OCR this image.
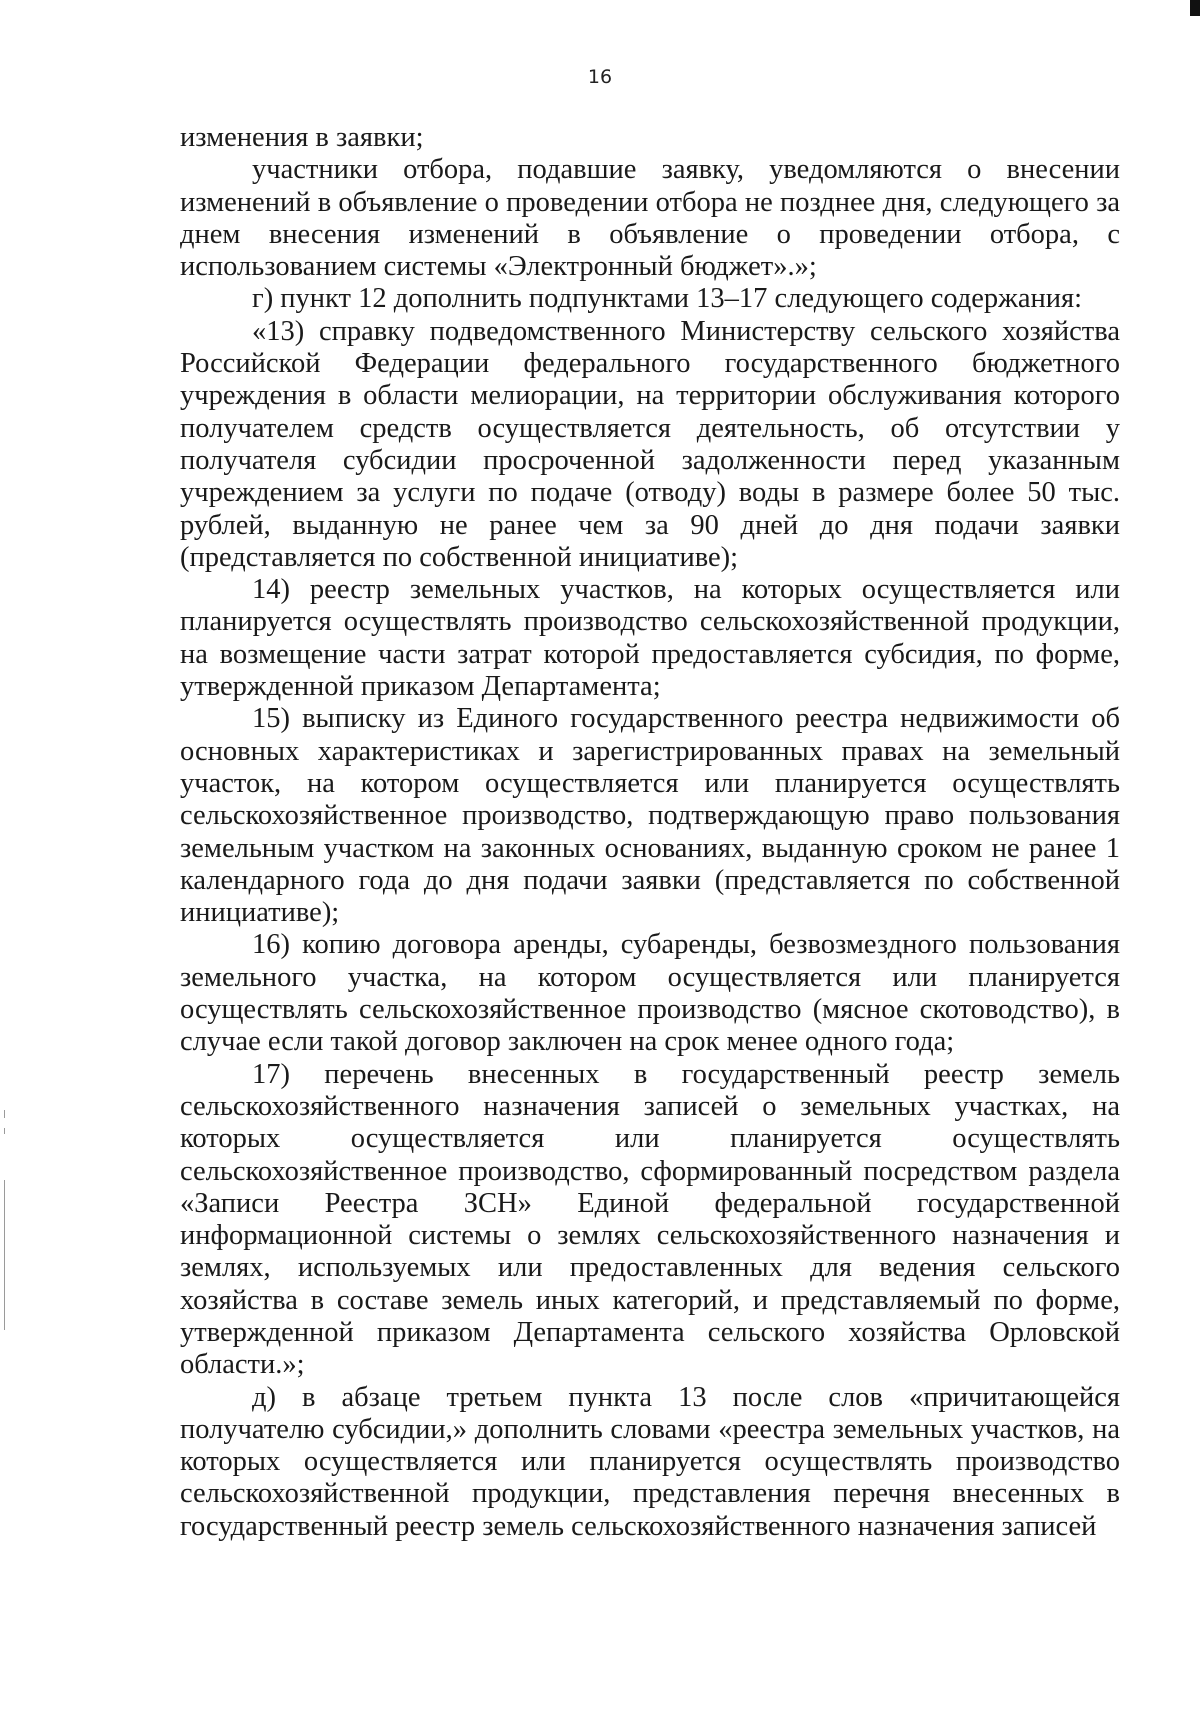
16

изменения в заявки;

участники отбора, подавшие заявку, уведомляются о внесении изменений в объявление о проведении отбора не позднее дня, следующего за днем внесения изменений в объявление о проведении отбора, с использованием системы «Электронный бюджет».»;

г) пункт 12 дополнить подпунктами 13–17 следующего содержания:

«13) справку подведомственного Министерству сельского хозяйства Российской Федерации федерального государственного бюджетного учреждения в области мелиорации, на территории обслуживания которого получателем средств осуществляется деятельность, об отсутствии у получателя субсидии просроченной задолженности перед указанным учреждением за услуги по подаче (отводу) воды в размере более 50 тыс. рублей, выданную не ранее чем за 90 дней до дня подачи заявки (представляется по собственной инициативе);

14) реестр земельных участков, на которых осуществляется или планируется осуществлять производство сельскохозяйственной продукции, на возмещение части затрат которой предоставляется субсидия, по форме, утвержденной приказом Департамента;

15) выписку из Единого государственного реестра недвижимости об основных характеристиках и зарегистрированных правах на земельный участок, на котором осуществляется или планируется осуществлять сельскохозяйственное производство, подтверждающую право пользования земельным участком на законных основаниях, выданную сроком не ранее 1 календарного года до дня подачи заявки (представляется по собственной инициативе);

16) копию договора аренды, субаренды, безвозмездного пользования земельного участка, на котором осуществляется или планируется осуществлять сельскохозяйственное производство (мясное скотоводство), в случае если такой договор заключен на срок менее одного года;

17) перечень внесенных в государственный реестр земель сельскохозяйственного назначения записей о земельных участках, на которых осуществляется или планируется осуществлять сельскохозяйственное производство, сформированный посредством раздела «Записи Реестра ЗСН» Единой федеральной государственной информационной системы о землях сельскохозяйственного назначения и землях, используемых или предоставленных для ведения сельского хозяйства в составе земель иных категорий, и представляемый по форме, утвержденной приказом Департамента сельского хозяйства Орловской области.»;

д) в абзаце третьем пункта 13 после слов «причитающейся получателю субсидии,» дополнить словами «реестра земельных участков, на которых осуществляется или планируется осуществлять производство сельскохозяйственной продукции, представления перечня внесенных в государственный реестр земель сельскохозяйственного назначения записей
